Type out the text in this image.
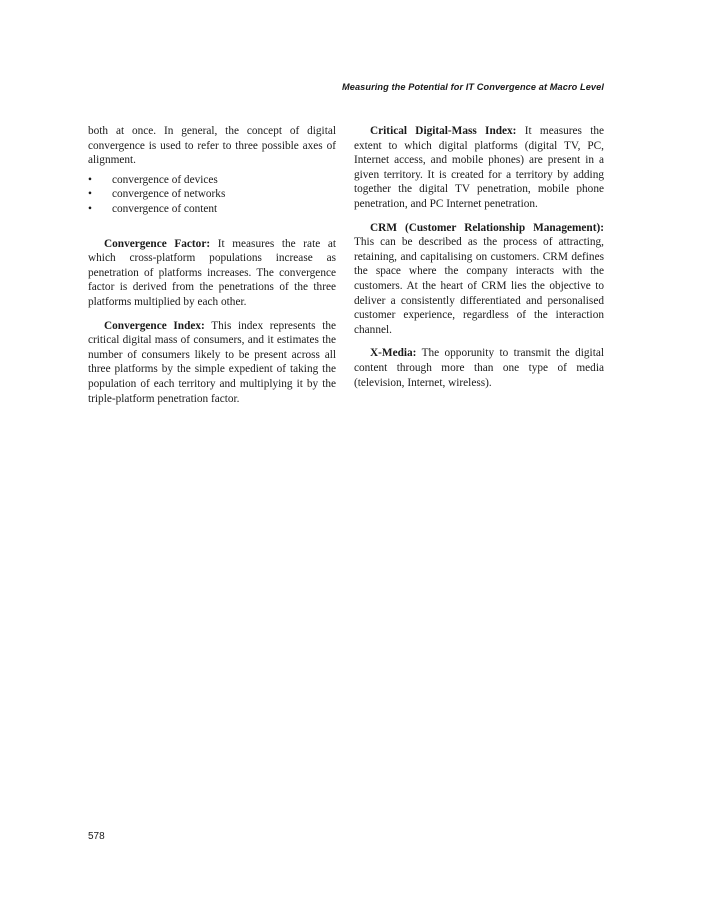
Measuring the Potential for IT Convergence at Macro Level

both at once. In general, the concept of digital convergence is used to refer to three possible axes of alignment.

• convergence of devices
• convergence of networks
• convergence of content

Convergence Factor: It measures the rate at which cross-platform populations increase as penetration of platforms increases. The convergence factor is derived from the penetrations of the three platforms multiplied by each other.

Convergence Index: This index represents the critical digital mass of consumers, and it estimates the number of consumers likely to be present across all three platforms by the simple expedient of taking the population of each territory and multiplying it by the triple-platform penetration factor.

Critical Digital-Mass Index: It measures the extent to which digital platforms (digital TV, PC, Internet access, and mobile phones) are present in a given territory. It is created for a territory by adding together the digital TV penetration, mobile phone penetration, and PC Internet penetration.

CRM (Customer Relationship Management): This can be described as the process of attracting, retaining, and capitalising on customers. CRM defines the space where the company interacts with the customers. At the heart of CRM lies the objective to deliver a consistently differentiated and personalised customer experience, regardless of the interaction channel.

X-Media: The opporunity to transmit the digital content through more than one type of media (television, Internet, wireless).

578
